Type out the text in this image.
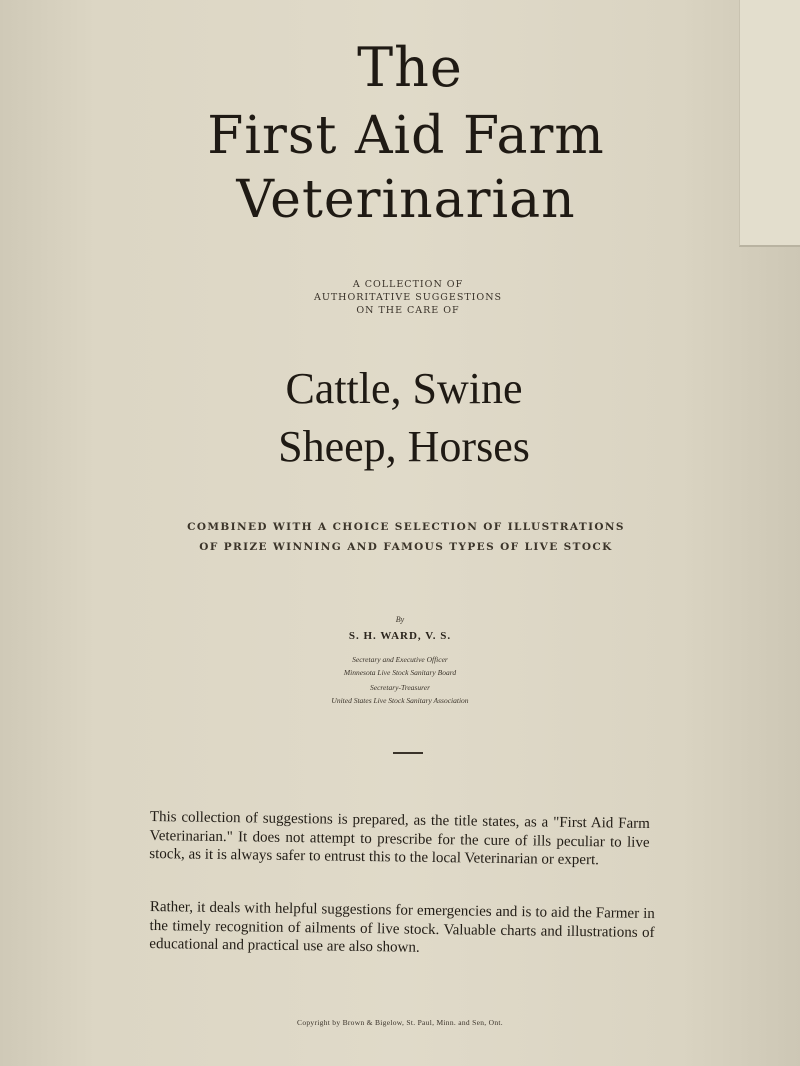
The
First Aid Farm
Veterinarian
A COLLECTION OF
AUTHORITATIVE SUGGESTIONS
ON THE CARE OF
Cattle, Swine
Sheep, Horses
COMBINED WITH A CHOICE SELECTION OF ILLUSTRATIONS
OF PRIZE WINNING AND FAMOUS TYPES OF LIVE STOCK
By
S. H. WARD, V. S.
Secretary and Executive Officer
Minnesota Live Stock Sanitary Board
Secretary-Treasurer
United States Live Stock Sanitary Association

This collection of suggestions is prepared, as the title states, as a "First Aid Farm Veterinarian." It does not attempt to prescribe for the cure of ills peculiar to live stock, as it is always safer to entrust this to the local Veterinarian or expert.

Rather, it deals with helpful suggestions for emergencies and is to aid the Farmer in the timely recognition of ailments of live stock. Valuable charts and illustrations of educational and practical use are also shown.

Copyright by Brown & Bigelow, St. Paul, Minn. and Sen, Ont.
